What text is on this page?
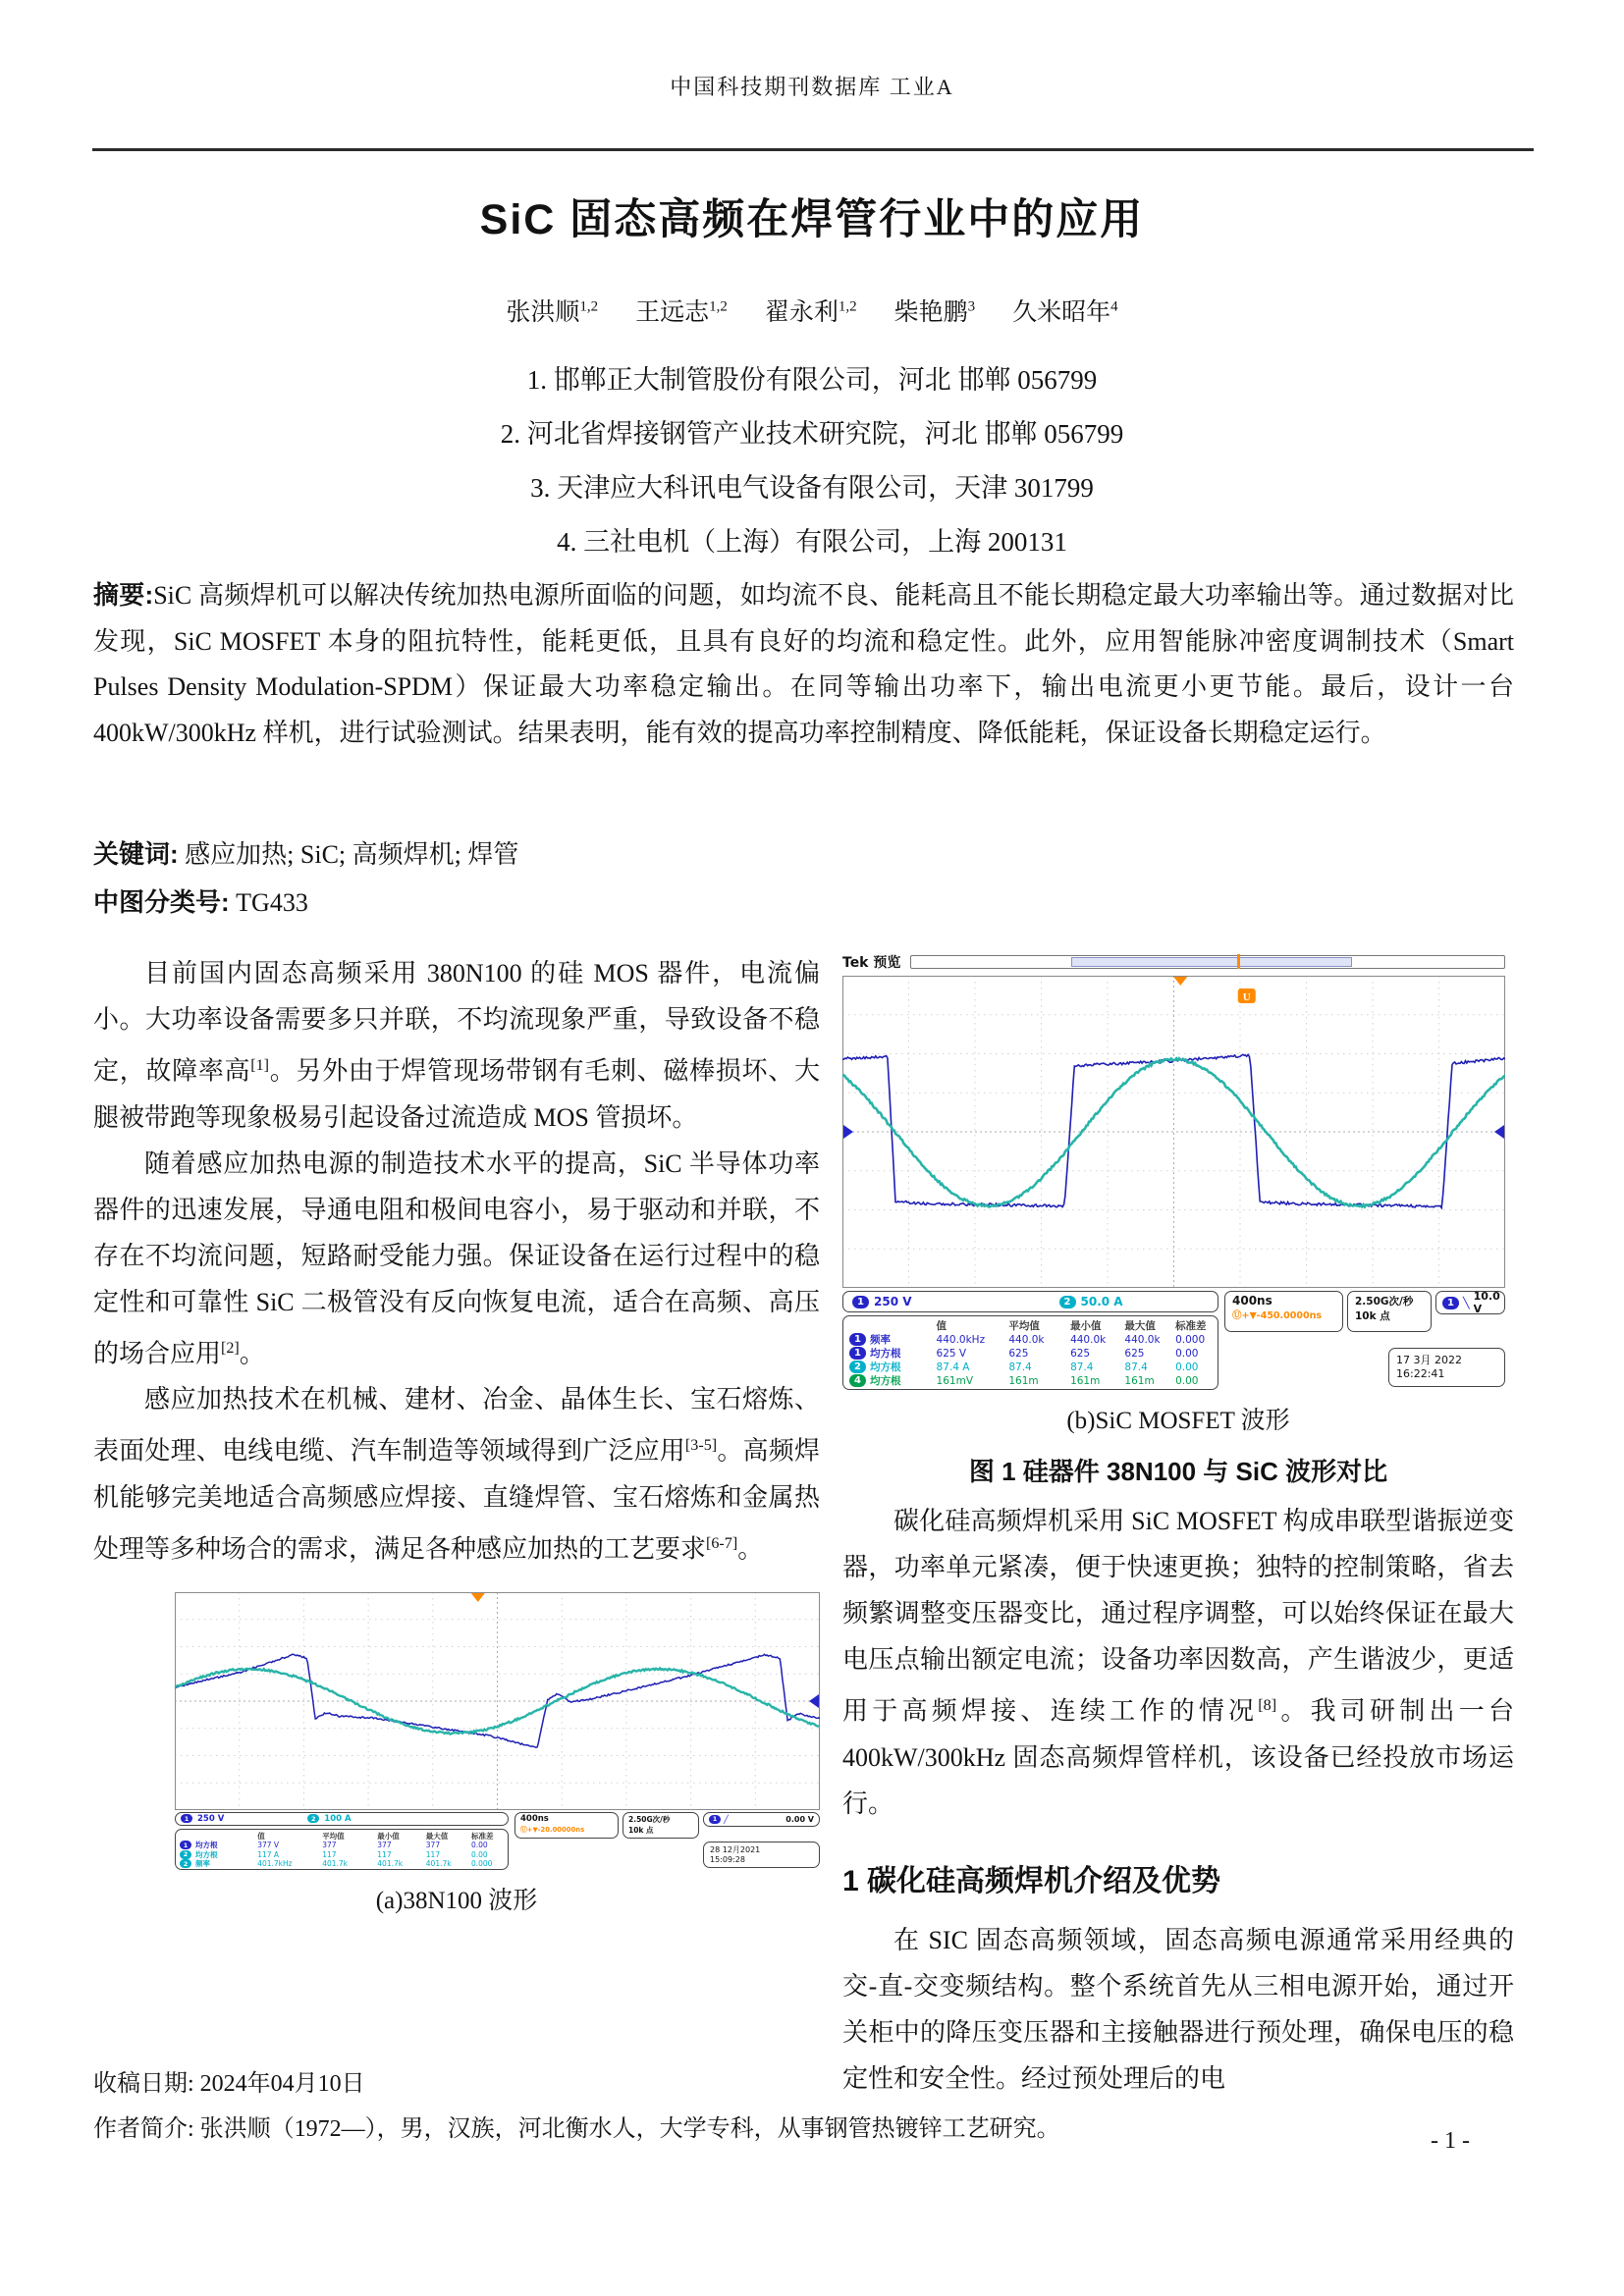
中国科技期刊数据库 工业A
SiC 固态高频在焊管行业中的应用
张洪顺$^{1,2}$ 王远志$^{1,2}$ 翟永利$^{1,2}$ 柴艳鹏$^3$ 久米昭年$^4$
1. 邯郸正大制管股份有限公司，河北 邯郸 056799
2. 河北省焊接钢管产业技术研究院，河北 邯郸 056799
3. 天津应大科讯电气设备有限公司，天津 301799
4. 三社电机（上海）有限公司，上海 200131
摘要:SiC 高频焊机可以解决传统加热电源所面临的问题，如均流不良、能耗高且不能长期稳定最大功率输出等。通过数据对比发现，SiC MOSFET 本身的阻抗特性，能耗更低，且具有良好的均流和稳定性。此外，应用智能脉冲密度调制技术（Smart Pulses Density Modulation-SPDM）保证最大功率稳定输出。在同等输出功率下，输出电流更小更节能。最后，设计一台 400kW/300kHz 样机，进行试验测试。结果表明，能有效的提高功率控制精度、降低能耗，保证设备长期稳定运行。
关键词: 感应加热; SiC; 高频焊机; 焊管
中图分类号: TG433

目前国内固态高频采用 380N100 的硅 MOS 器件，电流偏小。大功率设备需要多只并联，不均流现象严重，导致设备不稳定，故障率高[1]。另外由于焊管现场带钢有毛刺、磁棒损坏、大腿被带跑等现象极易引起设备过流造成 MOS 管损坏。

随着感应加热电源的制造技术水平的提高，SiC 半导体功率器件的迅速发展，导通电阻和极间电容小，易于驱动和并联，不存在不均流问题，短路耐受能力强。保证设备在运行过程中的稳定性和可靠性 SiC 二极管没有反向恢复电流，适合在高频、高压的场合应用[2]。

感应加热技术在机械、建材、冶金、晶体生长、宝石熔炼、表面处理、电线电缆、汽车制造等领域得到广泛应用[3-5]。高频焊机能够完美地适合高频感应焊接、直缝焊管、宝石熔炼和金属热处理等多种场合的需求，满足各种感应加热的工艺要求[6-7]。

1	250 V	2	100 A
值	平均值	最小值	最大值	标准差
1	均方根	377 V	377	377	377	0.00
2	均方根	117 A	117	117	117	0.00
2	频率	401.7kHz	401.7k	401.7k	401.7k	0.000
400ns
Ⓤ+▼-20.00000ns
2.50G次/秒
10k 点
1 ╱	0.00 V
28 12月2021
15:09:28
(a)38N100 波形
Tek 预览
U
1 250 V	2 50.0 A
值	平均值	最小值	最大值	标准差
1 频率	440.0kHz	440.0k	440.0k	440.0k	0.000
1 均方根	625 V	625	625	625	0.00
2 均方根	87.4 A	87.4	87.4	87.4	0.00
4 均方根	161mV	161m	161m	161m	0.00
400ns
Ⓤ+▼-450.0000ns
2.50G次/秒
10k 点
1 ╲ 10.0 V
17 3月 2022
16:22:41
(b)SiC MOSFET 波形
图 1 硅器件 38N100 与 SiC 波形对比

碳化硅高频焊机采用 SiC MOSFET 构成串联型谐振逆变器，功率单元紧凑，便于快速更换；独特的控制策略，省去频繁调整变压器变比，通过程序调整，可以始终保证在最大电压点输出额定电流；设备功率因数高，产生谐波少，更适用于高频焊接、连续工作的情况[8]。我司研制出一台 400kW/300kHz 固态高频焊管样机，该设备已经投放市场运行。

1 碳化硅高频焊机介绍及优势

在 SIC 固态高频领域，固态高频电源通常采用经典的交-直-交变频结构。整个系统首先从三相电源开始，通过开关柜中的降压变压器和主接触器进行预处理，确保电压的稳定性和安全性。经过预处理后的电

收稿日期: 2024年04月10日
作者简介: 张洪顺（1972—），男，汉族，河北衡水人，大学专科，从事钢管热镀锌工艺研究。	- 1 -
